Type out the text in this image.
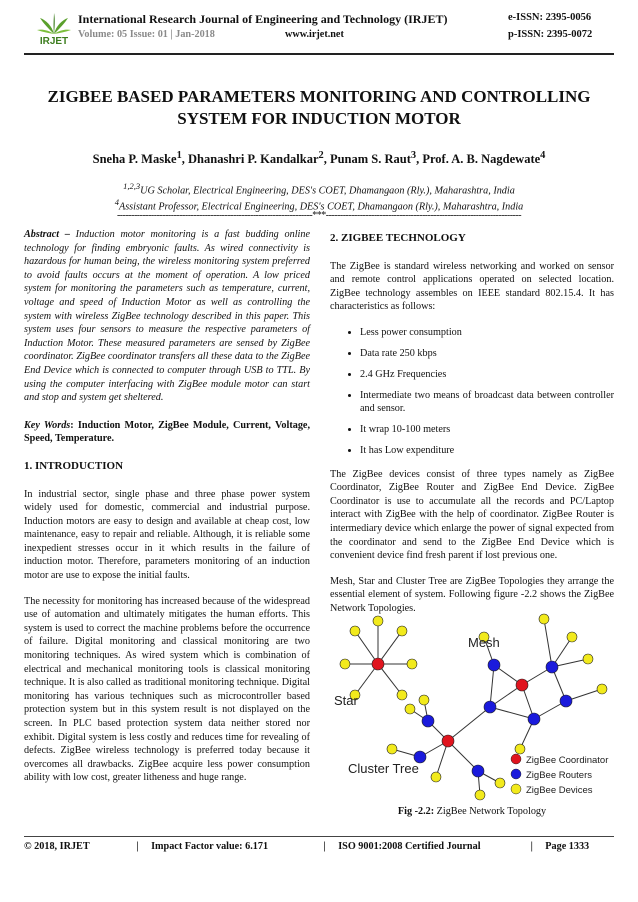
IRJET
International Research Journal of Engineering and Technology (IRJET)
Volume: 05 Issue: 01 | Jan-2018	www.irjet.net
e-ISSN: 2395-0056
p-ISSN: 2395-0072
ZIGBEE BASED PARAMETERS MONITORING AND CONTROLLING
SYSTEM FOR INDUCTION MOTOR
Sneha P. Maske$^1$, Dhanashri P. Kandalkar$^2$, Punam S. Raut$^3$, Prof. A. B. Nagdewate$^4$
$^{1,2,3}$UG Scholar, Electrical Engineering, DES's COET, Dhamangaon (Rly.), Maharashtra, India
$^4$Assistant Professor, Electrical Engineering, DES's COET, Dhamangaon (Rly.), Maharashtra, India
---------------------------------------------------------------------***---------------------------------------------------------------------

Abstract – Induction motor monitoring is a fast budding online technology for finding embryonic faults. As wired connectivity is hazardous for human being, the wireless monitoring system preferred to avoid faults occurs at the moment of operation. A low priced system for monitoring the parameters such as temperature, current, voltage and speed of Induction Motor as well as controlling the system with wireless ZigBee technology described in this paper. This system uses four sensors to measure the respective parameters of Induction Motor. These measured parameters are sensed by ZigBee coordinator. ZigBee coordinator transfers all these data to the ZigBee End Device which is connected to computer through USB to TTL. By using the computer interfacing with ZigBee module motor can start and stop and system get sheltered.

Key Words: Induction Motor, ZigBee Module, Current, Voltage, Speed, Temperature.

1. INTRODUCTION

In industrial sector, single phase and three phase power system widely used for domestic, commercial and industrial purpose. Induction motors are easy to design and available at cheap cost, low maintenance, easy to repair and reliable. Although, it is reliable some inexpedient stresses occur in it which results in the failure of induction motor. Therefore, parameters monitoring of an induction motor are use to expose the initial faults.

The necessity for monitoring has increased because of the widespread use of automation and ultimately mitigates the human efforts. This system is used to correct the machine problems before the occurrence of failure. Digital monitoring and classical monitoring are two monitoring techniques. As wired system which is combination of electrical and mechanical monitoring tools is classical monitoring technique. It is also called as traditional monitoring technique. Digital monitoring has various techniques such as microcontroller based protection system but in this system result is not displayed on the screen. In PLC based protection system data neither stored nor exhibit. Digital system is less costly and reduces time for revealing of defects. ZigBee wireless technology is preferred today because it overcomes all drawbacks. ZigBee acquire less power consumption ability with low cost, greater litheness and huge range.

2. ZIGBEE TECHNOLOGY

The ZigBee is standard wireless networking and worked on sensor and remote control applications operated on selected location. ZigBee technology assembles on IEEE standard 802.15.4. It has characteristics as follows:

• Less power consumption
• Data rate 250 kbps
• 2.4 GHz Frequencies
• Intermediate two means of broadcast data between controller and sensor.
• It wrap 10-100 meters
• It has Low expenditure

The ZigBee devices consist of three types namely as ZigBee Coordinator, ZigBee Router and ZigBee End Device. ZigBee Coordinator is use to accumulate all the records and PC/Laptop interact with ZigBee with the help of coordinator. ZigBee Router is intermediary device which enlarge the power of signal expected from the coordinator and send to the ZigBee End Device which is convenient device find fresh parent if lost previous one.

Mesh, Star and Cluster Tree are ZigBee Topologies they arrange the essential element of system. Following figure -2.2 shows the ZigBee Network Topologies.

Mesh
Star
Cluster Tree
ZigBee Coordinator
ZigBee Routers
ZigBee Devices
Fig -2.2: ZigBee Network Topology
© 2018, IRJET	| Impact Factor value: 6.171	| ISO 9001:2008 Certified Journal	| Page 1333
